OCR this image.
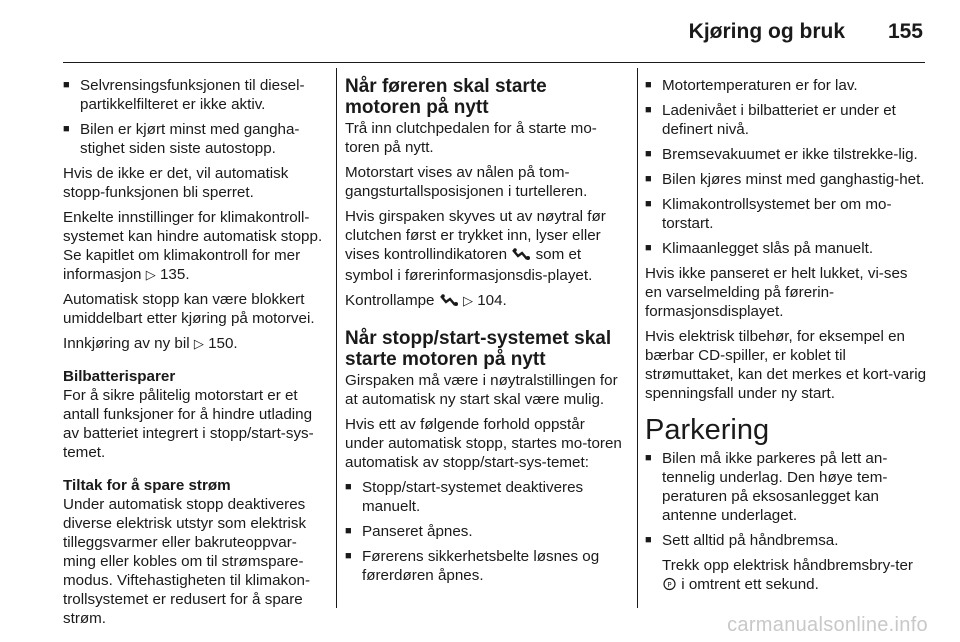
Kjøring og bruk 155
■ Selvrensingsfunksjonen til diesel-partikkelfilteret er ikke aktiv.
■ Bilen er kjørt minst med gangha-stighet siden siste autostopp.

Hvis de ikke er det, vil automatisk stopp-funksjonen bli sperret.

Enkelte innstillinger for klimakontroll-systemet kan hindre automatisk stopp. Se kapitlet om klimakontroll for mer informasjon ▷ 135.

Automatisk stopp kan være blokkert umiddelbart etter kjøring på motorvei.

Innkjøring av ny bil ▷ 150.

Bilbatterisparer

For å sikre pålitelig motorstart er et antall funksjoner for å hindre utlading av batteriet integrert i stopp/start-sys-temet.

Tiltak for å spare strøm

Under automatisk stopp deaktiveres diverse elektrisk utstyr som elektrisk tilleggsvarmer eller bakruteoppvar-ming eller kobles om til strømspare-modus. Viftehastigheten til klimakon-trollsystemet er redusert for å spare strøm.

Når føreren skal starte motoren på nytt

Trå inn clutchpedalen for å starte mo-toren på nytt.

Motorstart vises av nålen på tom-gangsturtallsposisjonen i turtelleren.

Hvis girspaken skyves ut av nøytral før clutchen først er trykket inn, lyser eller vises kontrollindikatoren som et symbol i førerinformasjonsdis-playet.

Kontrollampe ▷ 104.

Når stopp/start-systemet skal starte motoren på nytt

Girspaken må være i nøytralstillingen for at automatisk ny start skal være mulig.

Hvis ett av følgende forhold oppstår under automatisk stopp, startes mo-toren automatisk av stopp/start-sys-temet:

■ Stopp/start-systemet deaktiveres manuelt.
■ Panseret åpnes.
■ Førerens sikkerhetsbelte løsnes og førerdøren åpnes.
■ Motortemperaturen er for lav.
■ Ladenivået i bilbatteriet er under et definert nivå.
■ Bremsevakuumet er ikke tilstrekke-lig.
■ Bilen kjøres minst med ganghastig-het.
■ Klimakontrollsystemet ber om mo-torstart.
■ Klimaanlegget slås på manuelt.

Hvis ikke panseret er helt lukket, vi-ses en varselmelding på førerin-formasjonsdisplayet.

Hvis elektrisk tilbehør, for eksempel en bærbar CD-spiller, er koblet til strømuttaket, kan det merkes et kort-varig spenningsfall under ny start.

Parkering

■ Bilen må ikke parkeres på lett an-tennelig underlag. Den høye tem-peraturen på eksosanlegget kan antenne underlaget.
■ Sett alltid på håndbremsa.
Trekk opp elektrisk håndbremsbry-ter
P i omtrent ett sekund.
carmanualsonline.info
